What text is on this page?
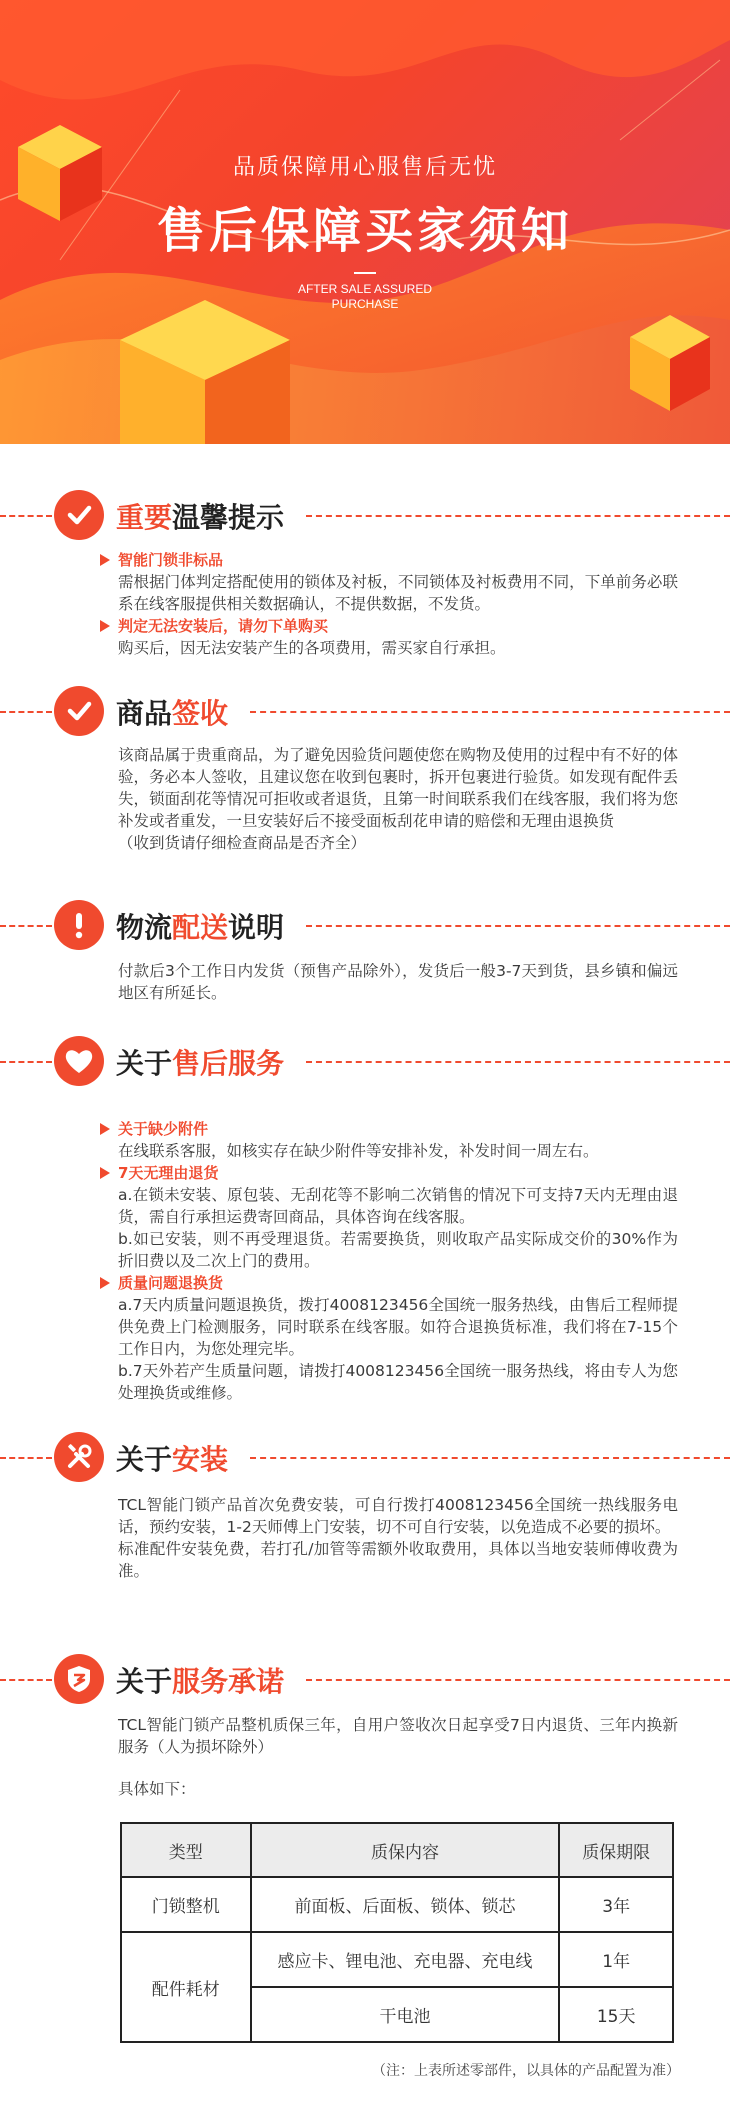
品质保障用心服售后无忧
售后保障买家须知
AFTER SALE ASSURED
PURCHASE
重要温馨提示
智能门锁非标品
需根据门体判定搭配使用的锁体及衬板，不同锁体及衬板费用不同，下单前务必联系在线客服提供相关数据确认，不提供数据，不发货。
判定无法安装后，请勿下单购买
购买后，因无法安装产生的各项费用，需买家自行承担。
商品签收
该商品属于贵重商品，为了避免因验货问题使您在购物及使用的过程中有不好的体验，务必本人签收，且建议您在收到包裹时，拆开包裹进行验货。如发现有配件丢失，锁面刮花等情况可拒收或者退货，且第一时间联系我们在线客服，我们将为您补发或者重发，一旦安装好后不接受面板刮花申请的赔偿和无理由退换货
（收到货请仔细检查商品是否齐全）
物流配送说明
付款后3个工作日内发货（预售产品除外），发货后一般3-7天到货，县乡镇和偏远地区有所延长。
关于售后服务
关于缺少附件
在线联系客服，如核实存在缺少附件等安排补发，补发时间一周左右。
7天无理由退货
a.在锁未安装、原包装、无刮花等不影响二次销售的情况下可支持7天内无理由退货，需自行承担运费寄回商品，具体咨询在线客服。
b.如已安装，则不再受理退货。若需要换货，则收取产品实际成交价的30%作为折旧费以及二次上门的费用。
质量问题退换货
a.7天内质量问题退换货，拨打4008123456全国统一服务热线，由售后工程师提供免费上门检测服务，同时联系在线客服。如符合退换货标准，我们将在7-15个工作日内，为您处理完毕。
b.7天外若产生质量问题，请拨打4008123456全国统一服务热线，将由专人为您处理换货或维修。
关于安装
TCL智能门锁产品首次免费安装，可自行拨打4008123456全国统一热线服务电话，预约安装，1-2天师傅上门安装，切不可自行安装，以免造成不必要的损坏。
标准配件安装免费，若打孔/加管等需额外收取费用，具体以当地安装师傅收费为准。
关于服务承诺
TCL智能门锁产品整机质保三年，自用户签收次日起享受7日内退货、三年内换新服务（人为损坏除外）
具体如下：
类型	质保内容	质保期限
门锁整机	前面板、后面板、锁体、锁芯	3年
配件耗材	感应卡、锂电池、充电器、充电线	1年
	干电池	15天
（注：上表所述零部件，以具体的产品配置为准）
